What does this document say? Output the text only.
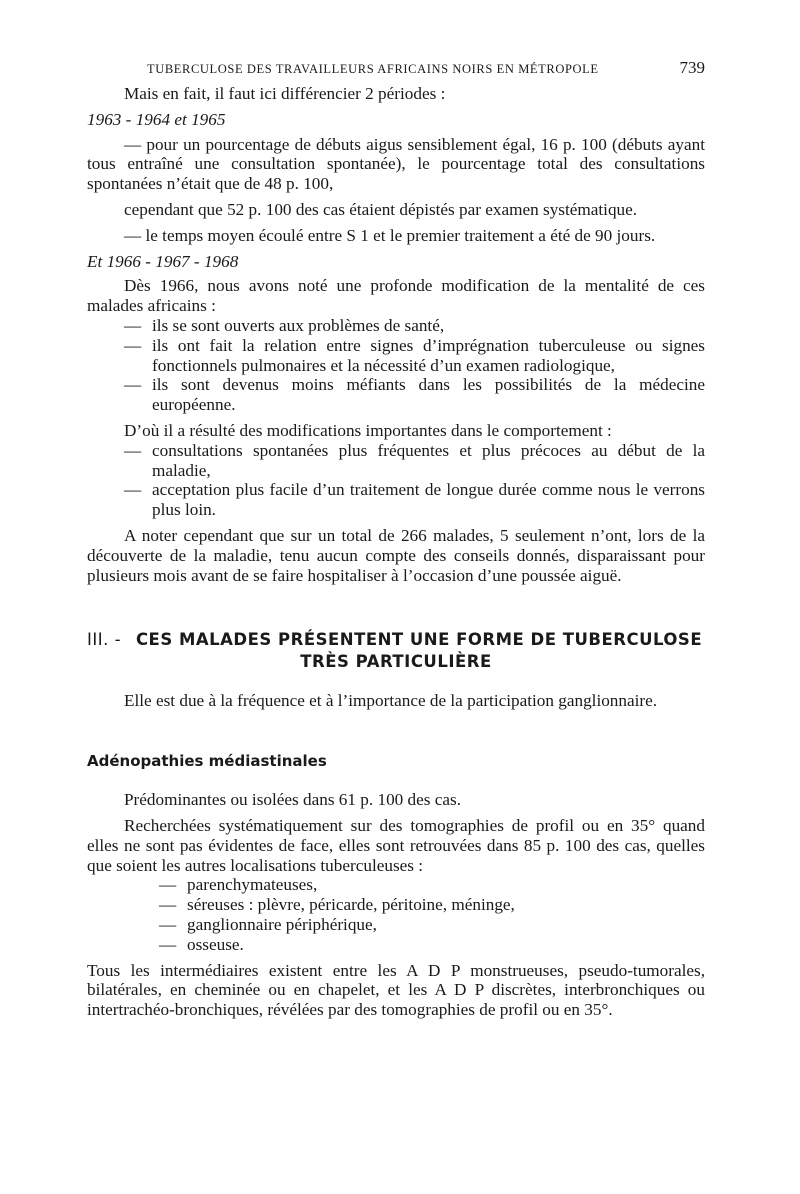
TUBERCULOSE DES TRAVAILLEURS AFRICAINS NOIRS EN MÉTROPOLE	739

Mais en fait, il faut ici différencier 2 périodes :

1963 - 1964 et 1965

— pour un pourcentage de débuts aigus sensiblement égal, 16 p. 100 (débuts ayant tous entraîné une consultation spontanée), le pourcentage total des consultations spontanées n’était que de 48 p. 100,

cependant que 52 p. 100 des cas étaient dépistés par examen systématique.

— le temps moyen écoulé entre S 1 et le premier traitement a été de 90 jours.

Et 1966 - 1967 - 1968

Dès 1966, nous avons noté une profonde modification de la mentalité de ces malades africains :

— ils se sont ouverts aux problèmes de santé,
— ils ont fait la relation entre signes d’imprégnation tuberculeuse ou signes fonctionnels pulmonaires et la nécessité d’un examen radiologique,
— ils sont devenus moins méfiants dans les possibilités de la médecine européenne.

D’où il a résulté des modifications importantes dans le comportement :

— consultations spontanées plus fréquentes et plus précoces au début de la maladie,
— acceptation plus facile d’un traitement de longue durée comme nous le verrons plus loin.

A noter cependant que sur un total de 266 malades, 5 seulement n’ont, lors de la découverte de la maladie, tenu aucun compte des conseils donnés, disparaissant pour plusieurs mois avant de se faire hospitaliser à l’occasion d’une poussée aiguë.

III. - CES MALADES PRÉSENTENT UNE FORME DE TUBERCULOSE
TRÈS PARTICULIÈRE

Elle est due à la fréquence et à l’importance de la participation ganglionnaire.

Adénopathies médiastinales

Prédominantes ou isolées dans 61 p. 100 des cas.

Recherchées systématiquement sur des tomographies de profil ou en 35° quand elles ne sont pas évidentes de face, elles sont retrouvées dans 85 p. 100 des cas, quelles que soient les autres localisations tuberculeuses :

— parenchymateuses,
— séreuses : plèvre, péricarde, péritoine, méninge,
— ganglionnaire périphérique,
— osseuse.

Tous les intermédiaires existent entre les A D P monstrueuses, pseudo-tumorales, bilatérales, en cheminée ou en chapelet, et les A D P discrètes, interbronchiques ou intertrachéo-bronchiques, révélées par des tomographies de profil ou en 35°.
